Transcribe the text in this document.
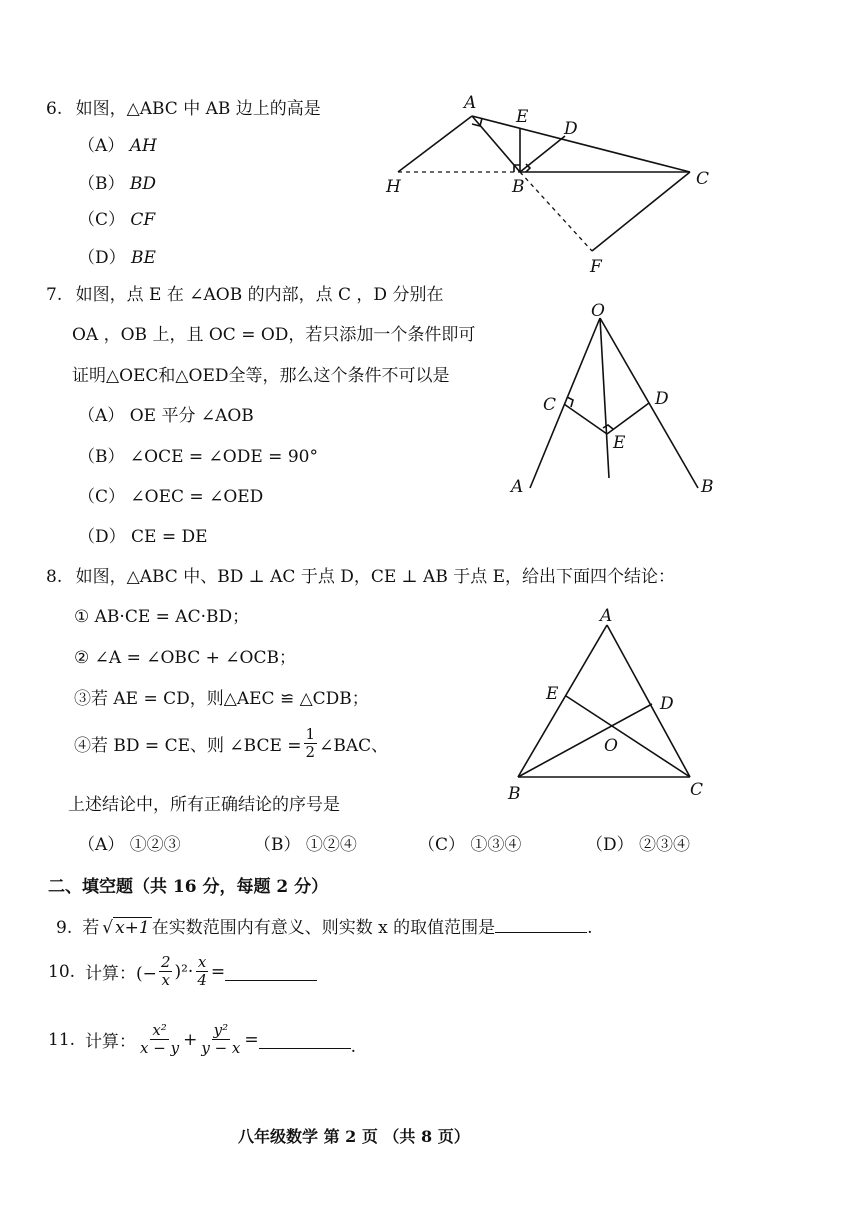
6. 如图，△ABC 中 AB 边上的高是
（A） AH
（B） BD
（C） CF
（D） BE
A
E
D
H	B	C
F
7. 如图，点 E 在 ∠AOB 的内部，点 C ，D 分别在
OA ，OB 上，且 OC = OD，若只添加一个条件即可
证明△OEC和△OED全等，那么这个条件不可以是
（A） OE 平分 ∠AOB
（B） ∠OCE = ∠ODE = 90°
（C） ∠OEC = ∠OED
（D） CE = DE
O
C	D
E
A	B
8. 如图，△ABC 中、BD ⊥ AC 于点 D，CE ⊥ AB 于点 E，给出下面四个结论：
① AB·CE = AC·BD；
② ∠A = ∠OBC + ∠OCB；
③若 AE = CD，则△AEC ≌ △CDB；
④若 BD = CE、则 ∠BCE = $\frac{1}{2}$ ∠BAC、
上述结论中，所有正确结论的序号是
（A） ①②③	（B） ①②④	（C） ①③④	（D） ②③④
A
E	D
O
B	C
二、填空题（共 16 分，每题 2 分）
9. 若 √ x+1 在实数范围内有意义、则实数 x 的取值范围是	.
10. 计算：(− $\frac{2}{x} )^2\cdot \frac{x}{4}$ =
11. 计算： $\frac{\text{x²}}{x - y} + \frac{\text{y²}}{y - x}$ =	.
八年级数学 第 2 页 （共 8 页）
